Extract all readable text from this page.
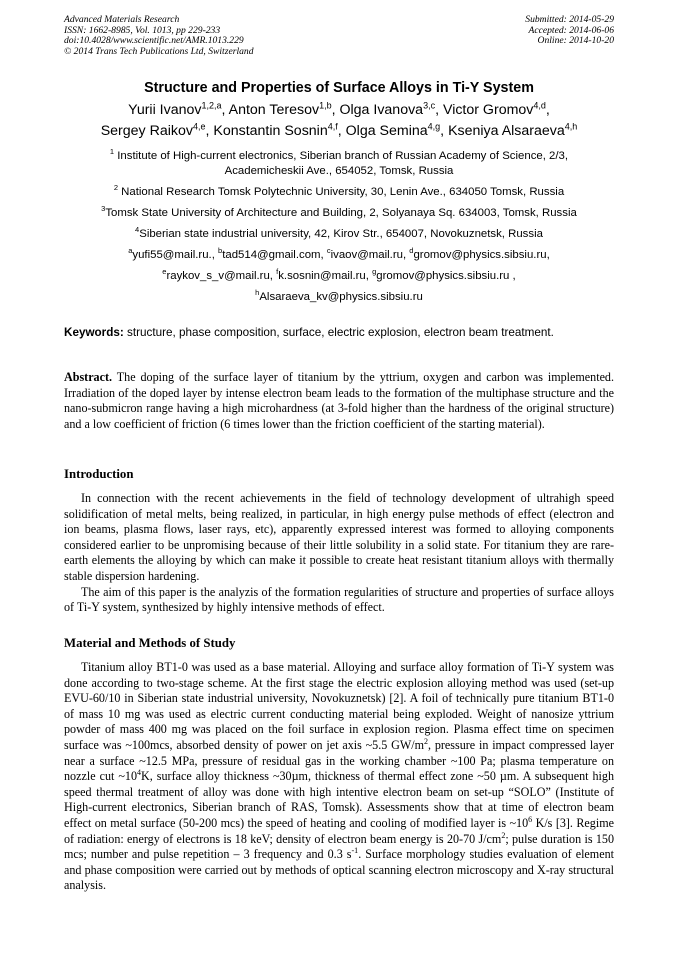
Advanced Materials Research
ISSN: 1662-8985, Vol. 1013, pp 229-233
doi:10.4028/www.scientific.net/AMR.1013.229
© 2014 Trans Tech Publications Ltd, Switzerland
Submitted: 2014-05-29
Accepted: 2014-06-06
Online: 2014-10-20
Structure and Properties of Surface Alloys in Ti-Y System
Yurii Ivanov$^{1,2,a}$, Anton Teresov$^{1,b}$, Olga Ivanova$^{3,c}$, Victor Gromov$^{4,d}$,
Sergey Raikov$^{4,e}$, Konstantin Sosnin$^{4,f}$, Olga Semina$^{4,g}$, Kseniya Alsaraeva$^{4,h}$
$^1$ Institute of High-current electronics, Siberian branch of Russian Academy of Science, 2/3,
Academicheskii Ave., 654052, Tomsk, Russia
$^2$ National Research Tomsk Polytechnic University, 30, Lenin Ave., 634050 Tomsk, Russia
$^3$Tomsk State University of Architecture and Building, 2, Solyanaya Sq. 634003, Tomsk, Russia
$^4$Siberian state industrial university, 42, Kirov Str., 654007, Novokuznetsk, Russia
$^a$yufi55@mail.ru., $^b$tad514@gmail.com, $^c$ivaov@mail.ru, $^d$gromov@physics.sibsiu.ru,
$^e$raykov_s_v@mail.ru, $^f$k.sosnin@mail.ru, $^g$gromov@physics.sibsiu.ru ,
$^h$Alsaraeva_kv@physics.sibsiu.ru
Keywords: structure, phase composition, surface, electric explosion, electron beam treatment.
Abstract. The doping of the surface layer of titanium by the yttrium, oxygen and carbon was implemented. Irradiation of the doped layer by intense electron beam leads to the formation of the multiphase structure and the nano-submicron range having a high microhardness (at 3-fold higher than the hardness of the original structure) and a low coefficient of friction (6 times lower than the friction coefficient of the starting material).
Introduction

In connection with the recent achievements in the field of technology development of ultrahigh speed solidification of metal melts, being realized, in particular, in high energy pulse methods of effect (electron and ion beams, plasma flows, laser rays, etc), apparently expressed interest was formed to alloying components considered earlier to be unpromising because of their little solubility in a solid state. For titanium they are rare-earth elements the alloying by which can make it possible to create heat resistant titanium alloys with thermally stable dispersion hardening.

The aim of this paper is the analyzis of the formation regularities of structure and properties of surface alloys of Ti-Y system, synthesized by highly intensive methods of effect.

Material and Methods of Study

Titanium alloy BT1-0 was used as a base material. Alloying and surface alloy formation of Ti-Y system was done according to two-stage scheme. At the first stage the electric explosion alloying method was used (set-up EVU-60/10 in Siberian state industrial university, Novokuznetsk) [2]. A foil of technically pure titanium BT1-0 of mass 10 mg was used as electric current conducting material being exploded. Weight of nanosize yttrium powder of mass 400 mg was placed on the foil surface in explosion region. Plasma effect time on specimen surface was ~100mcs, absorbed density of power on jet axis ~5.5 $GW/m^2$, pressure in impact compressed layer near a surface ~12.5 MPa, pressure of residual gas in the working chamber ~100 Pa; plasma temperature on nozzle cut $\sim 10^4K$, surface alloy thickness ~30µm, thickness of thermal effect zone ~50 µm. A subsequent high speed thermal treatment of alloy was done with high intentive electron beam on set-up “SOLO” (Institute of High-current electronics, Siberian branch of RAS, Tomsk). Assessments show that at time of electron beam effect on metal surface (50-200 mcs) the speed of heating and cooling of modified layer is $\sim 10^6$ K/s [3]. Regime of radiation: energy of electrons is 18 keV; density of electron beam energy is 20-70 $J/cm^2$; pulse duration is 150 mcs; number and pulse repetition – 3 frequency and 0.3 $s^{-1}$. Surface morphology studies evaluation of element and phase composition were carried out by methods of optical scanning electron microscopy and X-ray structural analysis.
